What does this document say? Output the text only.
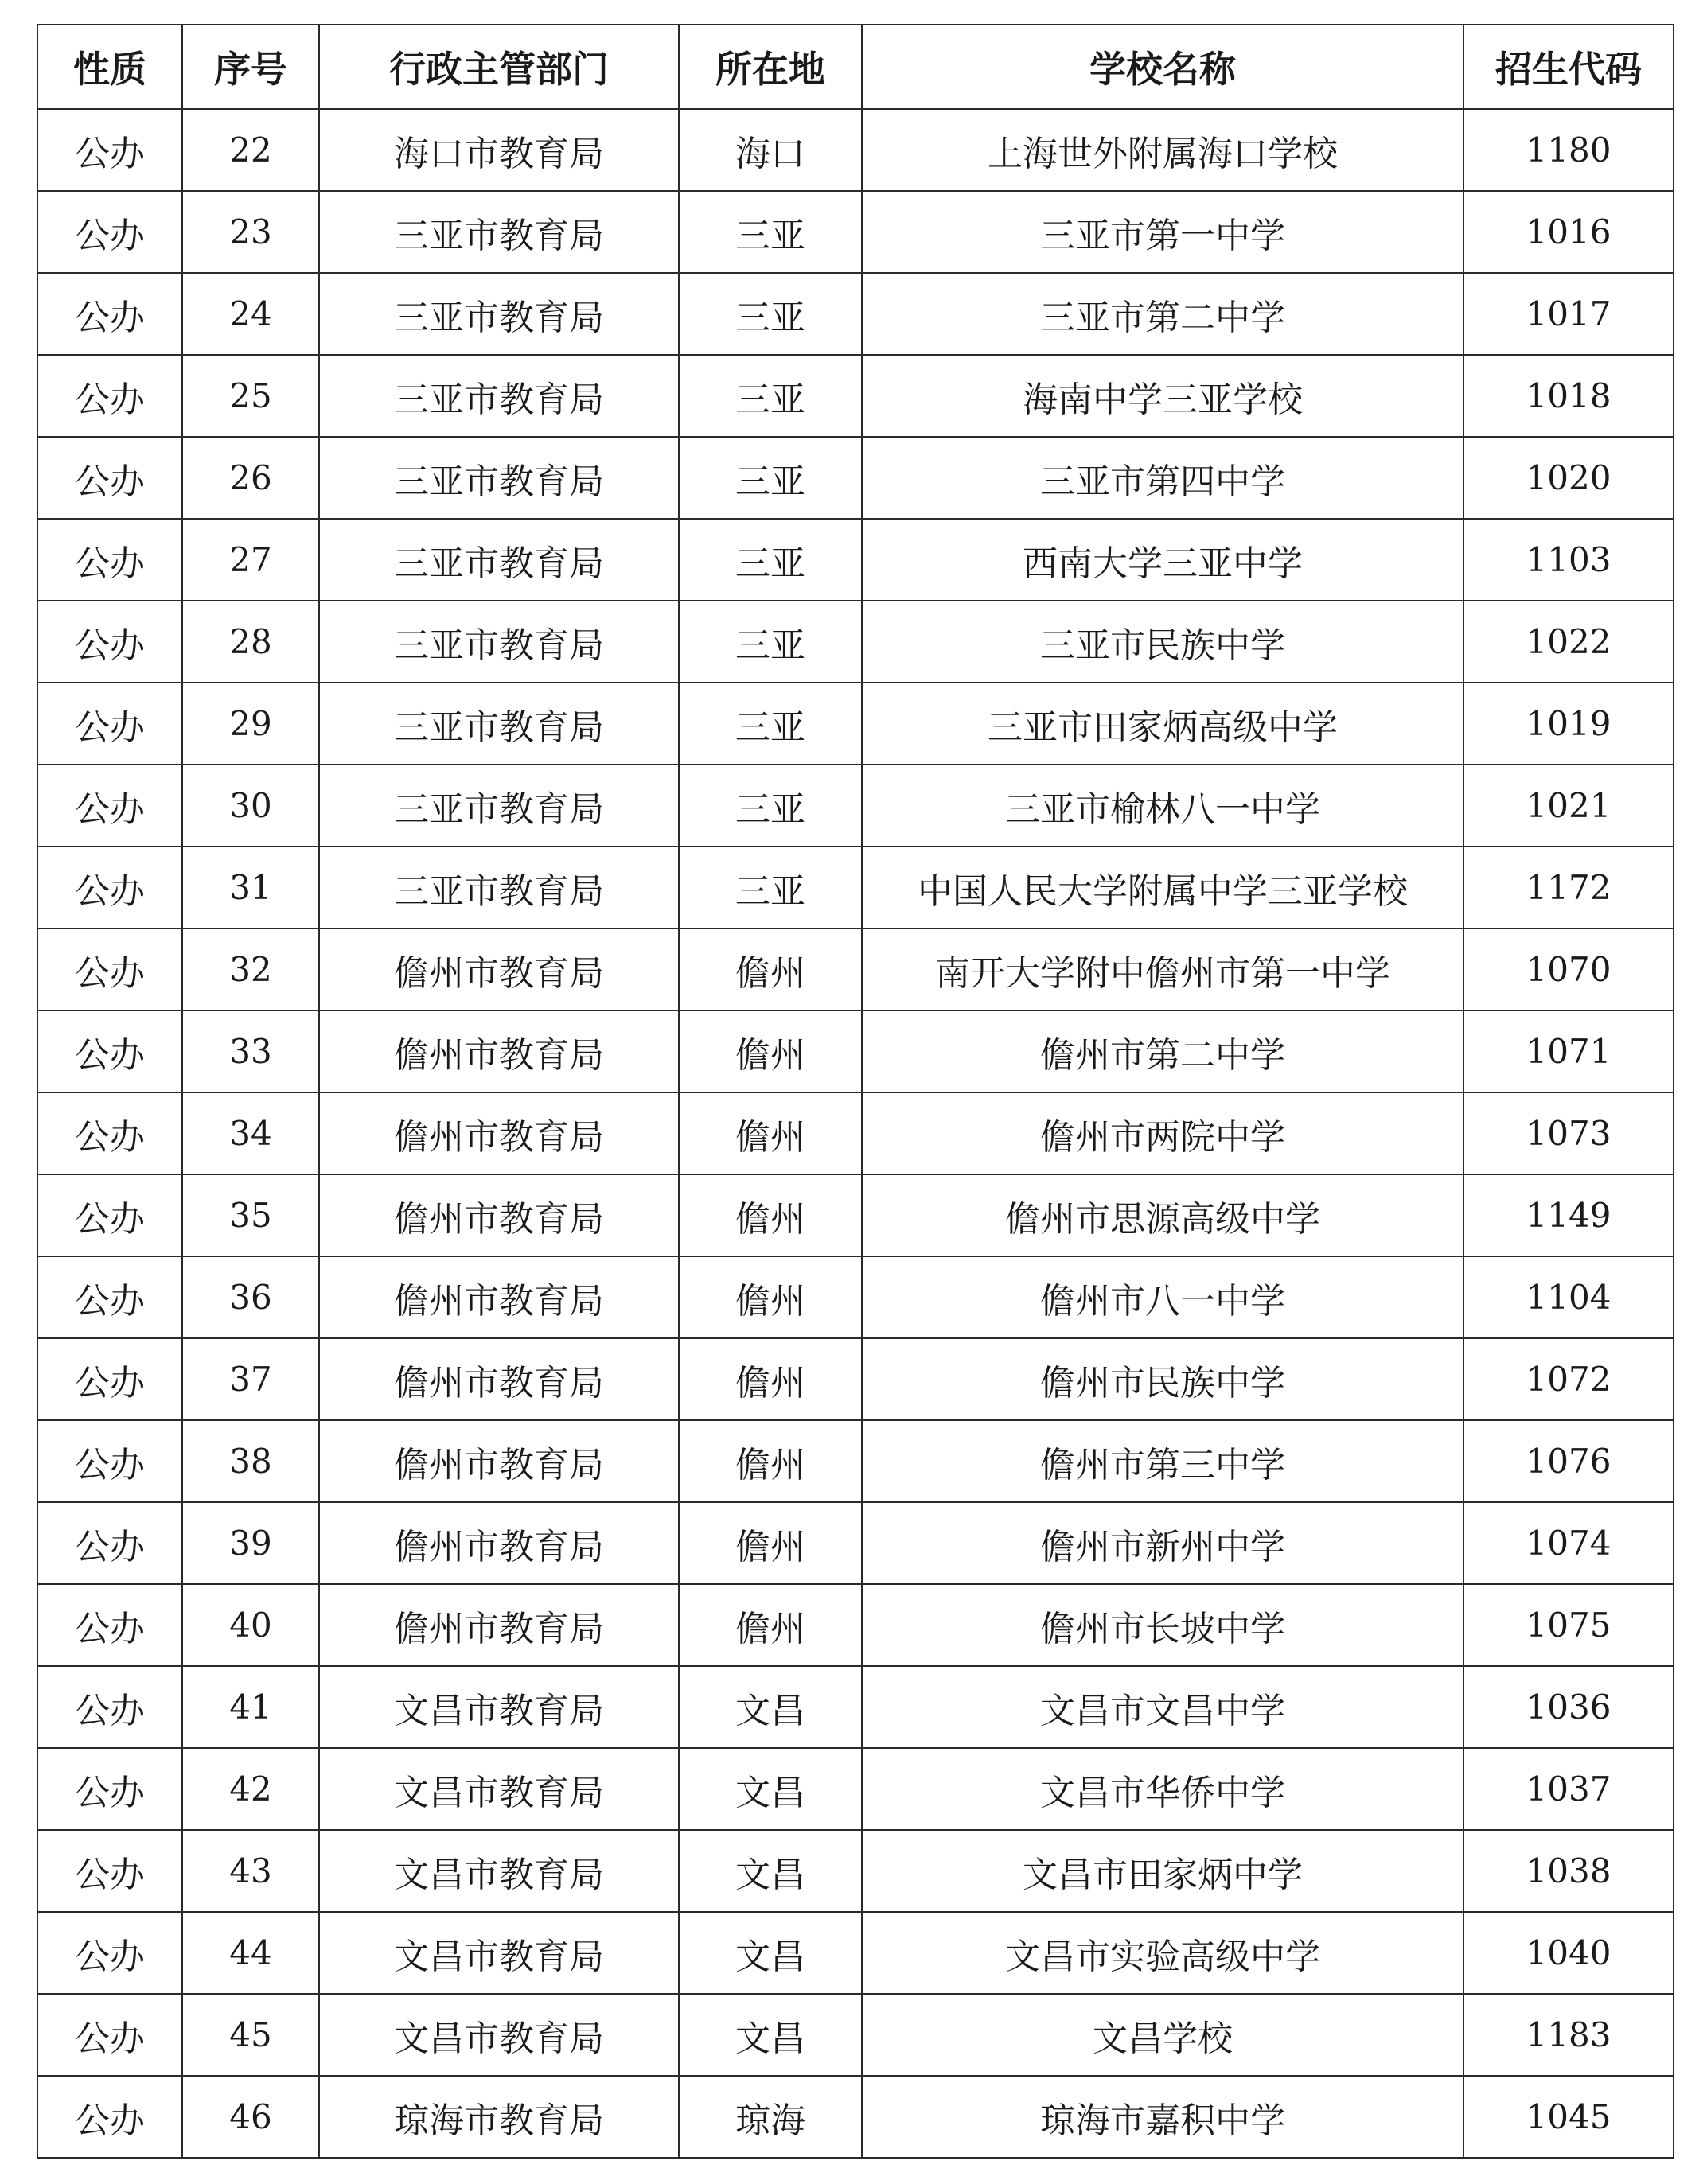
性质	序号	行政主管部门	所在地	学校名称	招生代码
公办	22	海口市教育局	海口	上海世外附属海口学校	1180
公办	23	三亚市教育局	三亚	三亚市第一中学	1016
公办	24	三亚市教育局	三亚	三亚市第二中学	1017
公办	25	三亚市教育局	三亚	海南中学三亚学校	1018
公办	26	三亚市教育局	三亚	三亚市第四中学	1020
公办	27	三亚市教育局	三亚	西南大学三亚中学	1103
公办	28	三亚市教育局	三亚	三亚市民族中学	1022
公办	29	三亚市教育局	三亚	三亚市田家炳高级中学	1019
公办	30	三亚市教育局	三亚	三亚市榆林八一中学	1021
公办	31	三亚市教育局	三亚	中国人民大学附属中学三亚学校	1172
公办	32	儋州市教育局	儋州	南开大学附中儋州市第一中学	1070
公办	33	儋州市教育局	儋州	儋州市第二中学	1071
公办	34	儋州市教育局	儋州	儋州市两院中学	1073
公办	35	儋州市教育局	儋州	儋州市思源高级中学	1149
公办	36	儋州市教育局	儋州	儋州市八一中学	1104
公办	37	儋州市教育局	儋州	儋州市民族中学	1072
公办	38	儋州市教育局	儋州	儋州市第三中学	1076
公办	39	儋州市教育局	儋州	儋州市新州中学	1074
公办	40	儋州市教育局	儋州	儋州市长坡中学	1075
公办	41	文昌市教育局	文昌	文昌市文昌中学	1036
公办	42	文昌市教育局	文昌	文昌市华侨中学	1037
公办	43	文昌市教育局	文昌	文昌市田家炳中学	1038
公办	44	文昌市教育局	文昌	文昌市实验高级中学	1040
公办	45	文昌市教育局	文昌	文昌学校	1183
公办	46	琼海市教育局	琼海	琼海市嘉积中学	1045
